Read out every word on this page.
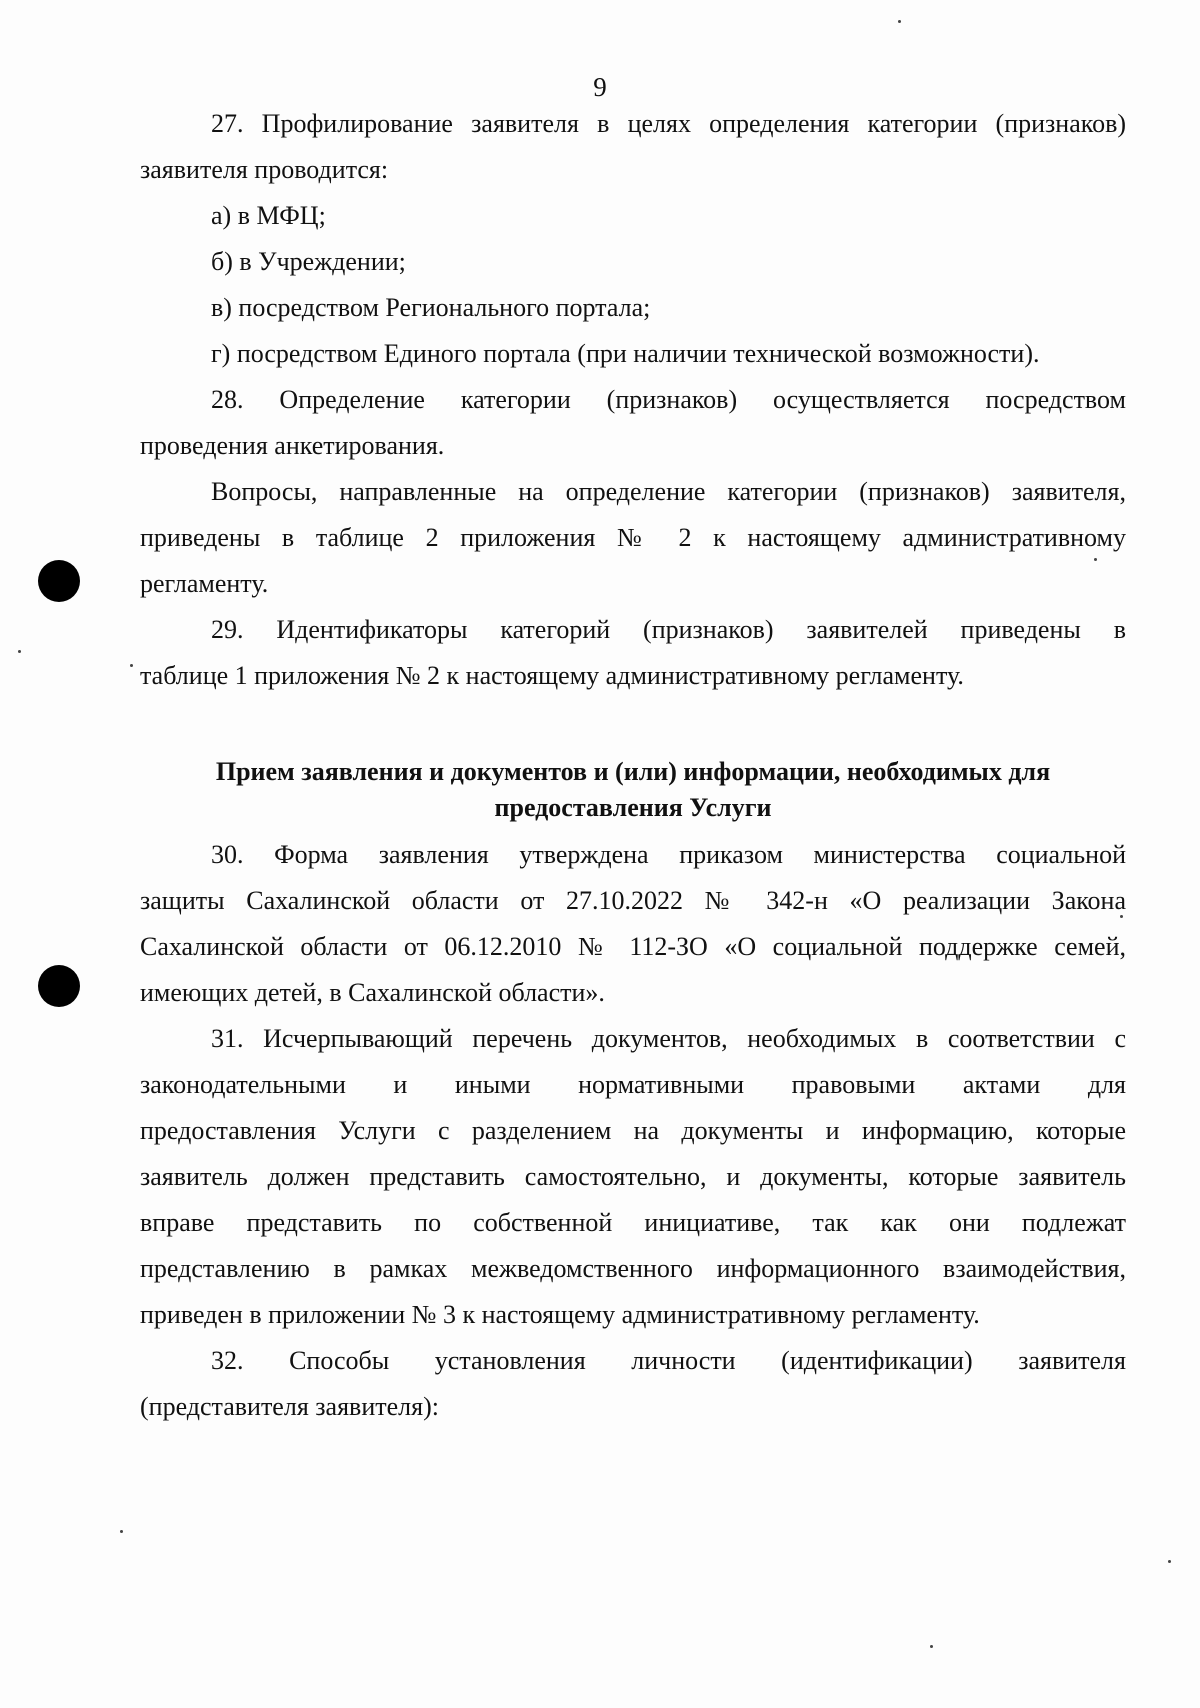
9
27. Профилирование заявителя в целях определения категории (признаков)
заявителя проводится:
а) в МФЦ;
б) в Учреждении;
в) посредством Регионального портала;
г) посредством Единого портала (при наличии технической возможности).
28. Определение категории (признаков) осуществляется посредством
проведения анкетирования.
Вопросы, направленные на определение категории (признаков) заявителя,
приведены в таблице 2 приложения № 2 к настоящему административному
регламенту.
29. Идентификаторы категорий (признаков) заявителей приведены в
таблице 1 приложения № 2 к настоящему административному регламенту.
Прием заявления и документов и (или) информации, необходимых для
предоставления Услуги
30. Форма заявления утверждена приказом министерства социальной
защиты Сахалинской области от 27.10.2022 № 342-н «О реализации Закона
Сахалинской области от 06.12.2010 № 112-ЗО «О социальной поддержке семей,
имеющих детей, в Сахалинской области».
31. Исчерпывающий перечень документов, необходимых в соответствии с
законодательными и иными нормативными правовыми актами для
предоставления Услуги с разделением на документы и информацию, которые
заявитель должен представить самостоятельно, и документы, которые заявитель
вправе представить по собственной инициативе, так как они подлежат
представлению в рамках межведомственного информационного взаимодействия,
приведен в приложении № 3 к настоящему административному регламенту.
32. Способы установления личности (идентификации) заявителя
(представителя заявителя):
